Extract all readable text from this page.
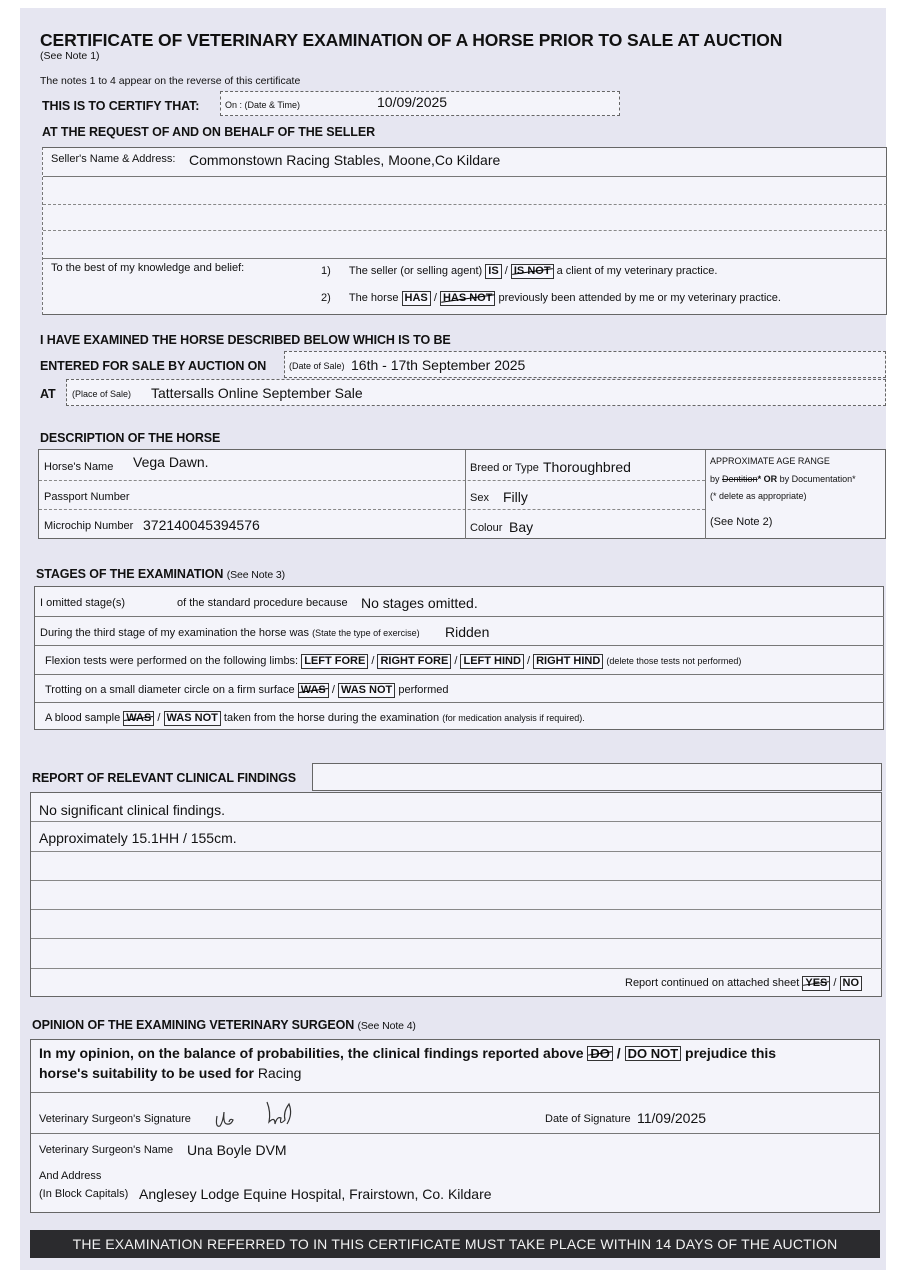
CERTIFICATE OF VETERINARY EXAMINATION OF A HORSE PRIOR TO SALE AT AUCTION
(See Note 1)
The notes 1 to 4 appear on the reverse of this certificate
THIS IS TO CERTIFY THAT:	On : (Date & Time)	10/09/2025
AT THE REQUEST OF AND ON BEHALF OF THE SELLER
Seller's Name & Address: Commonstown Racing Stables, Moone,Co Kildare
To the best of my knowledge and belief:	1) The seller (or selling agent) IS / IS NOT a client of my veterinary practice.
2) The horse HAS / HAS NOT previously been attended by me or my veterinary practice.
I HAVE EXAMINED THE HORSE DESCRIBED BELOW WHICH IS TO BE
ENTERED FOR SALE BY AUCTION ON	(Date of Sale) 16th - 17th September 2025
AT (Place of Sale) Tattersalls Online September Sale
DESCRIPTION OF THE HORSE
Horse's Name Vega Dawn.
Passport Number
Microchip Number 372140045394576
Breed or Type Thoroughbred
Sex Filly
Colour Bay
APPROXIMATE AGE RANGE
by Dentition* OR by Documentation*
(* delete as appropriate)
(See Note 2)
STAGES OF THE EXAMINATION (See Note 3)
I omitted stage(s)	of the standard procedure because No stages omitted.
During the third stage of my examination the horse was (State the type of exercise) Ridden
Flexion tests were performed on the following limbs: LEFT FORE / RIGHT FORE / LEFT HIND / RIGHT HIND (delete those tests not performed)
Trotting on a small diameter circle on a firm surface WAS / WAS NOT performed
A blood sample WAS / WAS NOT taken from the horse during the examination (for medication analysis if required).
REPORT OF RELEVANT CLINICAL FINDINGS
No significant clinical findings.
Approximately 15.1HH / 155cm.
Report continued on attached sheet YES / NO
OPINION OF THE EXAMINING VETERINARY SURGEON (See Note 4)
In my opinion, on the balance of probabilities, the clinical findings reported above DO / DO NOT prejudice this
horse's suitability to be used for Racing
Veterinary Surgeon's Signature	Date of Signature 11/09/2025
Veterinary Surgeon's Name Una Boyle DVM
And Address
(In Block Capitals) Anglesey Lodge Equine Hospital, Frairstown, Co. Kildare
THE EXAMINATION REFERRED TO IN THIS CERTIFICATE MUST TAKE PLACE WITHIN 14 DAYS OF THE AUCTION
